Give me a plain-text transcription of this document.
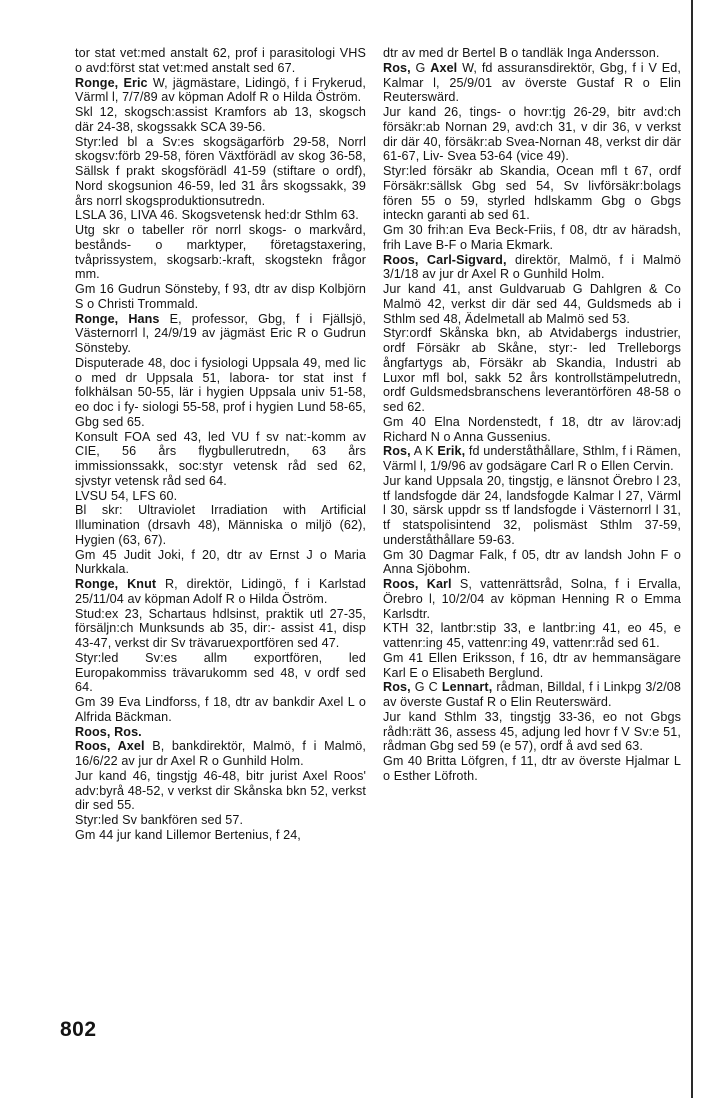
tor stat vet:med anstalt 62, prof i parasitologi VHS o avd:först stat vet:med anstalt sed 67.

Ronge, Eric W, jägmästare, Lidingö, f i Frykerud, Värml l, 7/7/89 av köpman Adolf R o Hilda Öström.

Skl 12, skogsch:assist Kramfors ab 13, skogsch där 24-38, skogssakk SCA 39-56.

Styr:led bl a Sv:es skogsägarförb 29-58, Norrl skogsv:förb 29-58, fören Växtförädl av skog 36-58, Sällsk f prakt skogsförädl 41-59 (stiftare o ordf), Nord skogsunion 46-59, led 31 års skogssakk, 39 års norrl skogsproduktionsutredn.

LSLA 36, LIVA 46. Skogsvetensk hed:dr Sthlm 63.

Utg skr o tabeller rör norrl skogs- o markvård, bestånds- o marktyper, företagstaxering, tvåprissystem, skogsarb:-kraft, skogstekn frågor mm.

Gm 16 Gudrun Sönsteby, f 93, dtr av disp Kolbjörn S o Christi Trommald.

Ronge, Hans E, professor, Gbg, f i Fjällsjö, Västernorrl l, 24/9/19 av jägmäst Eric R o Gudrun Sönsteby.

Disputerade 48, doc i fysiologi Uppsala 49, med lic o med dr Uppsala 51, labora- tor stat inst f folkhälsan 50-55, lär i hygien Uppsala univ 51-58, eo doc i fy- siologi 55-58, prof i hygien Lund 58-65, Gbg sed 65.

Konsult FOA sed 43, led VU f sv nat:-komm av CIE, 56 års flygbullerutredn, 63 års immissionssakk, soc:styr vetensk råd sed 62, sjvstyr vetensk råd sed 64.

LVSU 54, LFS 60.

Bl skr: Ultraviolet Irradiation with Artificial Illumination (drsavh 48), Människa o miljö (62), Hygien (63, 67).

Gm 45 Judit Joki, f 20, dtr av Ernst J o Maria Nurkkala.

Ronge, Knut R, direktör, Lidingö, f i Karlstad 25/11/04 av köpman Adolf R o Hilda Öström.

Stud:ex 23, Schartaus hdlsinst, praktik utl 27-35, försäljn:ch Munksunds ab 35, dir:- assist 41, disp 43-47, verkst dir Sv trävaruexportfören sed 47.

Styr:led Sv:es allm exportfören, led Europakommiss trävarukomm sed 48, v ordf sed 64.

Gm 39 Eva Lindforss, f 18, dtr av bankdir Axel L o Alfrida Bäckman.

Roos, Ros.

Roos, Axel B, bankdirektör, Malmö, f i Malmö, 16/6/22 av jur dr Axel R o Gunhild Holm.

Jur kand 46, tingstjg 46-48, bitr jurist Axel Roos' adv:byrå 48-52, v verkst dir Skånska bkn 52, verkst dir sed 55.

Styr:led Sv bankfören sed 57.

Gm 44 jur kand Lillemor Bertenius, f 24,

dtr av med dr Bertel B o tandläk Inga Andersson.

Ros, G Axel W, fd assuransdirektör, Gbg, f i V Ed, Kalmar l, 25/9/01 av överste Gustaf R o Elin Reuterswärd.

Jur kand 26, tings- o hovr:tjg 26-29, bitr avd:ch försäkr:ab Nornan 29, avd:ch 31, v dir 36, v verkst dir där 40, försäkr:ab Svea-Nornan 48, verkst dir där 61-67, Liv- Svea 53-64 (vice 49).

Styr:led försäkr ab Skandia, Ocean mfl t 67, ordf Försäkr:sällsk Gbg sed 54, Sv livförsäkr:bolags fören 55 o 59, styrled hdlskamm Gbg o Gbgs inteckn garanti ab sed 61.

Gm 30 frih:an Eva Beck-Friis, f 08, dtr av häradsh, frih Lave B-F o Maria Ekmark.

Roos, Carl-Sigvard, direktör, Malmö, f i Malmö 3/1/18 av jur dr Axel R o Gunhild Holm.

Jur kand 41, anst Guldvaruab G Dahlgren & Co Malmö 42, verkst dir där sed 44, Guldsmeds ab i Sthlm sed 48, Ädelmetall ab Malmö sed 53.

Styr:ordf Skånska bkn, ab Atvidabergs industrier, ordf Försäkr ab Skåne, styr:- led Trelleborgs ångfartygs ab, Försäkr ab Skandia, Industri ab Luxor mfl bol, sakk 52 års kontrollstämpelutredn, ordf Guldsmedsbranschens leverantörfören 48-58 o sed 62.

Gm 40 Elna Nordenstedt, f 18, dtr av lärov:adj Richard N o Anna Gussenius.

Ros, A K Erik, fd underståthållare, Sthlm, f i Rämen, Värml l, 1/9/96 av godsägare Carl R o Ellen Cervin.

Jur kand Uppsala 20, tingstjg, e länsnot Örebro l 23, tf landsfogde där 24, landsfogde Kalmar l 27, Värml l 30, särsk uppdr ss tf landsfogde i Västernorrl l 31, tf statspolisintend 32, polismäst Sthlm 37-59, underståthållare 59-63.

Gm 30 Dagmar Falk, f 05, dtr av landsh John F o Anna Sjöbohm.

Roos, Karl S, vattenrättsråd, Solna, f i Ervalla, Örebro l, 10/2/04 av köpman Henning R o Emma Karlsdtr.

KTH 32, lantbr:stip 33, e lantbr:ing 41, eo 45, e vattenr:ing 45, vattenr:ing 49, vattenr:råd sed 61.

Gm 41 Ellen Eriksson, f 16, dtr av hemmansägare Karl E o Elisabeth Berglund.

Ros, G C Lennart, rådman, Billdal, f i Linkpg 3/2/08 av överste Gustaf R o Elin Reuterswärd.

Jur kand Sthlm 33, tingstjg 33-36, eo not Gbgs rådh:rätt 36, assess 45, adjung led hovr f V Sv:e 51, rådman Gbg sed 59 (e 57), ordf å avd sed 63.

Gm 40 Britta Löfgren, f 11, dtr av överste Hjalmar L o Esther Löfroth.

802
